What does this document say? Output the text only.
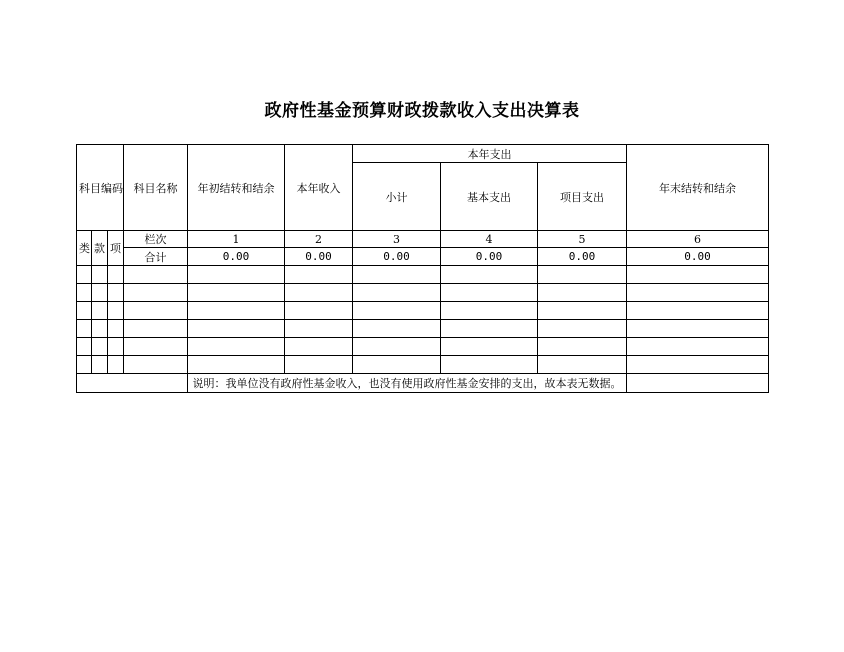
政府性基金预算财政拨款收入支出决算表
科目编码			科目名称	年初结转和结余	本年收入	本年支出			年末结转和结余
						小计	基本支出	项目支出	

类	款	项	栏次	1	2	3	4	5	6
			合计	0.00	0.00	0.00	0.00	0.00	0.00

				说明：我单位没有政府性基金收入，也没有使用政府性基金安排的支出，故本表无数据。					
